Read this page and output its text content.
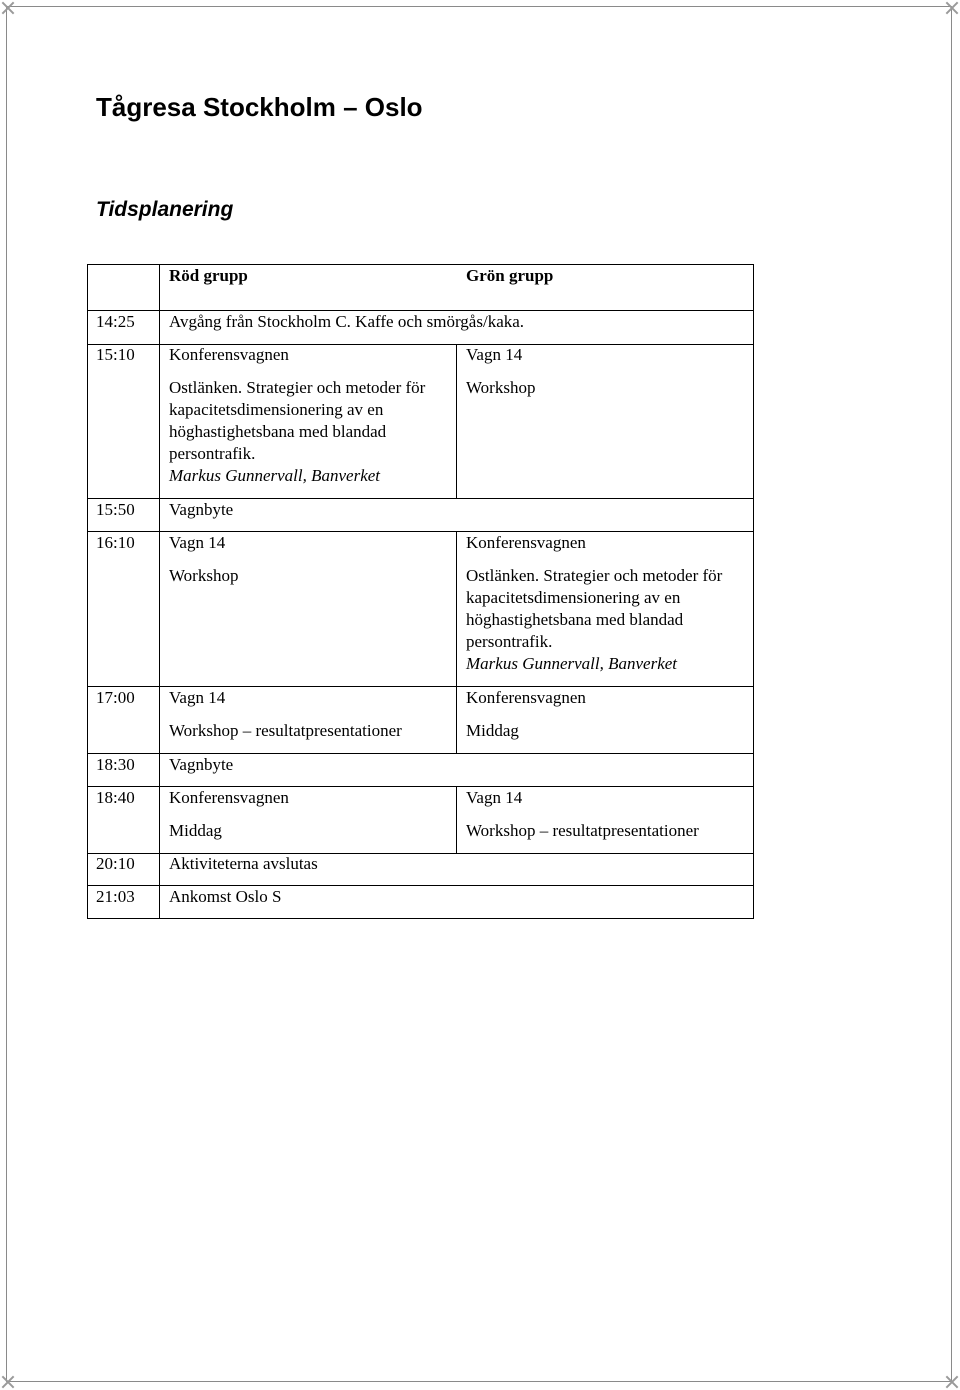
Tågresa Stockholm – Oslo
Tidsplanering
Röd grupp	Grön grupp
14:25 Avgång från Stockholm C. Kaffe och smörgås/kaka.
15:10 Konferensvagnen
Ostlänken. Strategier och metoder för kapacitetsdimensionering av en höghastighetsbana med blandad persontrafik.
Markus Gunnervall, Banverket
Vagn 14
Workshop
15:50 Vagnbyte
16:10 Vagn 14
Workshop
Konferensvagnen
Ostlänken. Strategier och metoder för kapacitetsdimensionering av en höghastighetsbana med blandad persontrafik.
Markus Gunnervall, Banverket
17:00 Vagn 14
Workshop – resultatpresentationer
Konferensvagnen
Middag
18:30 Vagnbyte
18:40 Konferensvagnen
Middag
Vagn 14
Workshop – resultatpresentationer
20:10 Aktiviteterna avslutas
21:03 Ankomst Oslo S
